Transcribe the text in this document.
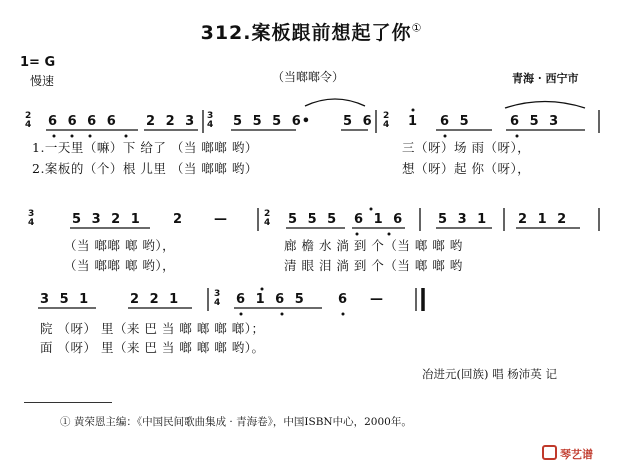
312.案板跟前想起了你①
1= G
慢速	（当啷啷令）	青海 · 西宁市
2
4
3
4
2
4
6 6 6 6 2 2 3	5 5 5 6• 5 6	1 6 5	6 5 3
1.一天里（嘛）下 给了 （当 啷啷 哟）	三（呀）场 雨（呀），
2.案板的（个）根 儿里 （当 啷啷 哟）	想（呀）起 你（呀），
3
4
2
4
5 3 2 1 2 —	5 5 5 6 1 6	5 3 1 2 1 2
（当 啷啷 啷 哟），	廊 檐 水 淌 到 个（当 啷 啷 哟
（当 啷啷 啷 哟），	清 眼 泪 淌 到 个（当 啷 啷 哟
3
4
3 5 1	2 2 1	6 1 6 5	6 —
院 （呀） 里（来 巴 当 啷 啷 啷 啷）；
面 （呀） 里（来 巴 当 啷 啷 啷 哟）。
冶进元(回族) 唱 杨沛英 记
① 黄荣恩主编：《中国民间歌曲集成 · 青海卷》，中国ISBN中心，2000年。
琴艺谱
